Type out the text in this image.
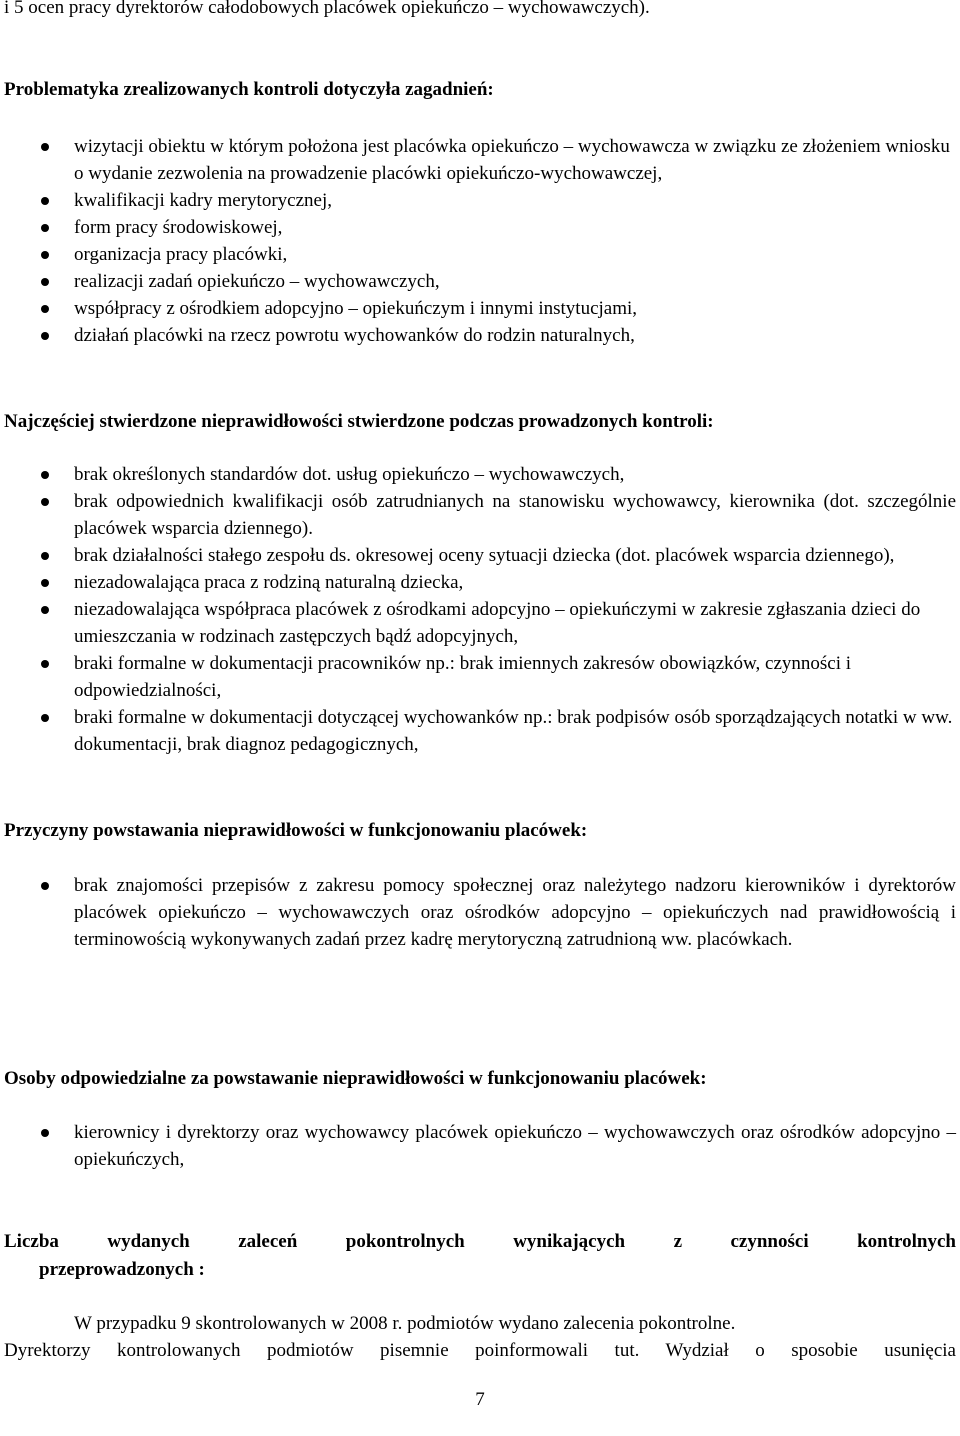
i 5 ocen pracy dyrektorów całodobowych placówek opiekuńczo – wychowawczych).

Problematyka zrealizowanych kontroli dotyczyła zagadnień:

wizytacji obiektu w którym położona jest placówka opiekuńczo – wychowawcza w związku ze złożeniem wniosku o wydanie zezwolenia na prowadzenie placówki opiekuńczo-wychowawczej,
kwalifikacji kadry merytorycznej,
form pracy środowiskowej,
organizacja pracy placówki,
realizacji zadań opiekuńczo – wychowawczych,
współpracy z ośrodkiem adopcyjno – opiekuńczym i innymi instytucjami,
działań placówki na rzecz powrotu wychowanków do rodzin naturalnych,

Najczęściej stwierdzone nieprawidłowości stwierdzone podczas prowadzonych kontroli:

brak określonych standardów dot. usług opiekuńczo – wychowawczych,
brak odpowiednich kwalifikacji osób zatrudnianych na stanowisku wychowawcy, kierownika (dot. szczególnie placówek wsparcia dziennego).
brak działalności stałego zespołu ds. okresowej oceny sytuacji dziecka (dot. placówek wsparcia dziennego),
niezadowalająca praca z rodziną naturalną dziecka,
niezadowalająca współpraca placówek z ośrodkami adopcyjno – opiekuńczymi w zakresie zgłaszania dzieci do umieszczania w rodzinach zastępczych bądź adopcyjnych,
braki formalne w dokumentacji pracowników np.: brak imiennych zakresów obowiązków, czynności i odpowiedzialności,
braki formalne w dokumentacji dotyczącej wychowanków np.: brak podpisów osób sporządzających notatki w ww. dokumentacji, brak diagnoz pedagogicznych,

Przyczyny powstawania nieprawidłowości w funkcjonowaniu placówek:

brak znajomości przepisów z zakresu pomocy społecznej oraz należytego nadzoru kierowników i dyrektorów placówek opiekuńczo – wychowawczych oraz ośrodków adopcyjno – opiekuńczych nad prawidłowością i terminowością wykonywanych zadań przez kadrę merytoryczną zatrudnioną ww. placówkach.

Osoby odpowiedzialne za powstawanie nieprawidłowości w funkcjonowaniu placówek:

kierownicy i dyrektorzy oraz wychowawcy placówek opiekuńczo – wychowawczych oraz ośrodków adopcyjno – opiekuńczych,

Liczba wydanych zaleceń pokontrolnych wynikających z czynności kontrolnych

przeprowadzonych :

W przypadku 9 skontrolowanych w 2008 r. podmiotów wydano zalecenia pokontrolne.

Dyrektorzy kontrolowanych podmiotów pisemnie poinformowali tut. Wydział o sposobie usunięcia

7
